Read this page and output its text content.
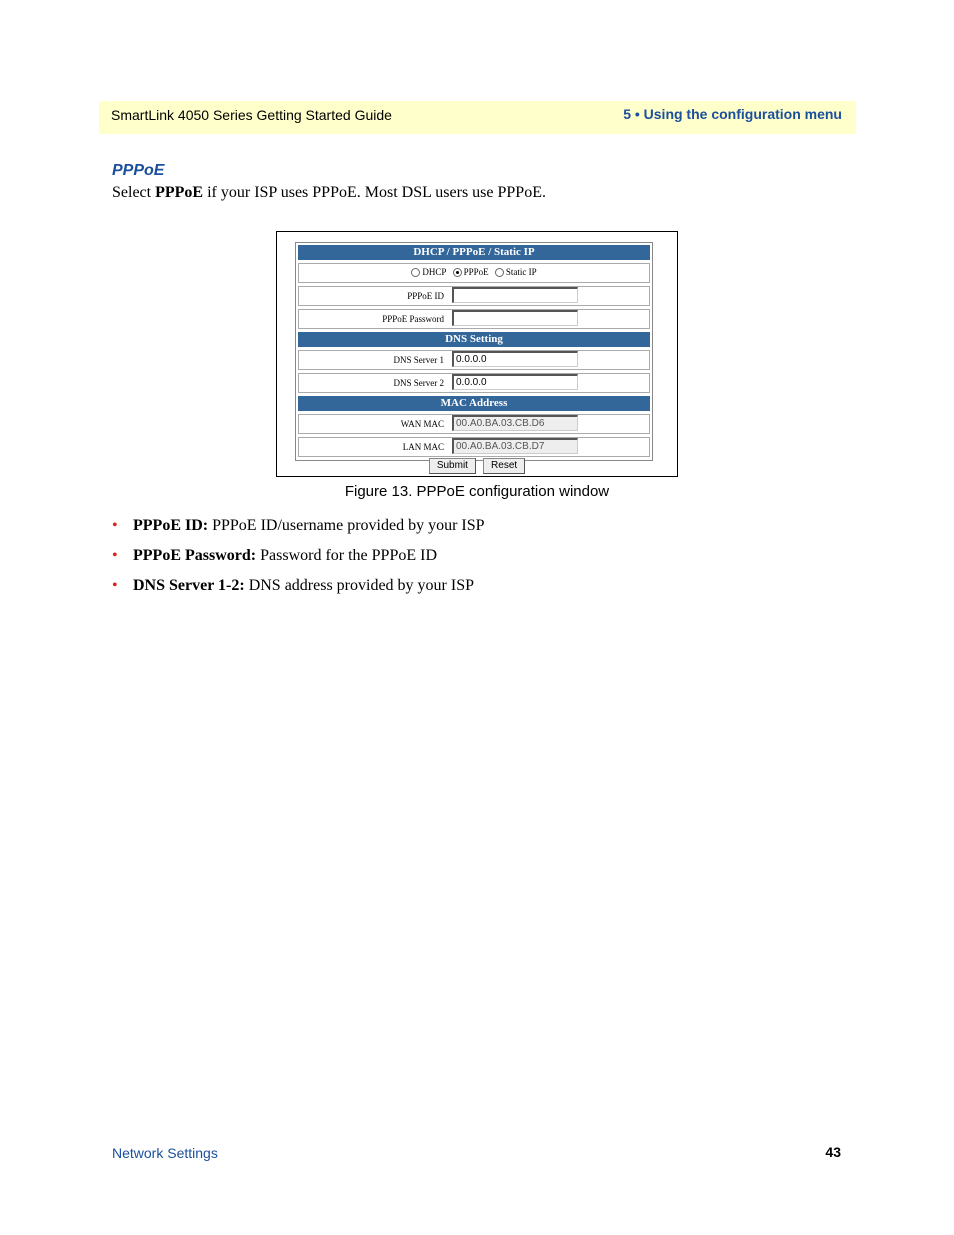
SmartLink 4050 Series Getting Started Guide	5 • Using the configuration menu
PPPoE
Select PPPoE if your ISP uses PPPoE. Most DSL users use PPPoE.
DHCP / PPPoE / Static IP
DHCP PPPoE Static IP
PPPoE ID
PPPoE Password
DNS Setting
DNS Server 1	0.0.0.0
DNS Server 2	0.0.0.0
MAC Address
WAN MAC	00.A0.BA.03.CB.D6
LAN MAC	00.A0.BA.03.CB.D7
Submit Reset
Figure 13. PPPoE configuration window
• PPPoE ID: PPPoE ID/username provided by your ISP
• PPPoE Password: Password for the PPPoE ID
• DNS Server 1-2: DNS address provided by your ISP
Network Settings	43
